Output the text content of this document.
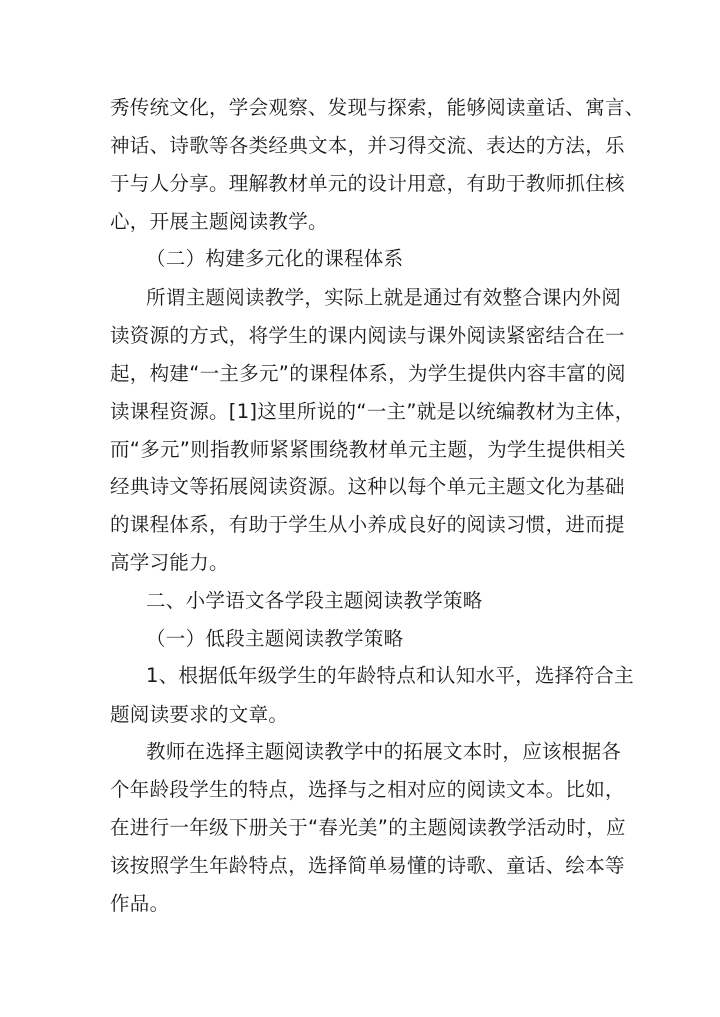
秀传统文化，学会观察、发现与探索，能够阅读童话、寓言、
神话、诗歌等各类经典文本，并习得交流、表达的方法，乐
于与人分享。理解教材单元的设计用意，有助于教师抓住核
心，开展主题阅读教学。
（二）构建多元化的课程体系
所谓主题阅读教学，实际上就是通过有效整合课内外阅
读资源的方式，将学生的课内阅读与课外阅读紧密结合在一
起，构建“一主多元”的课程体系，为学生提供内容丰富的阅
读课程资源。[1]这里所说的“一主”就是以统编教材为主体，
而“多元”则指教师紧紧围绕教材单元主题，为学生提供相关
经典诗文等拓展阅读资源。这种以每个单元主题文化为基础
的课程体系，有助于学生从小养成良好的阅读习惯，进而提
高学习能力。
二、小学语文各学段主题阅读教学策略
（一）低段主题阅读教学策略
1、根据低年级学生的年龄特点和认知水平，选择符合主
题阅读要求的文章。
教师在选择主题阅读教学中的拓展文本时，应该根据各
个年龄段学生的特点，选择与之相对应的阅读文本。比如，
在进行一年级下册关于“春光美”的主题阅读教学活动时，应
该按照学生年龄特点，选择简单易懂的诗歌、童话、绘本等
作品。
